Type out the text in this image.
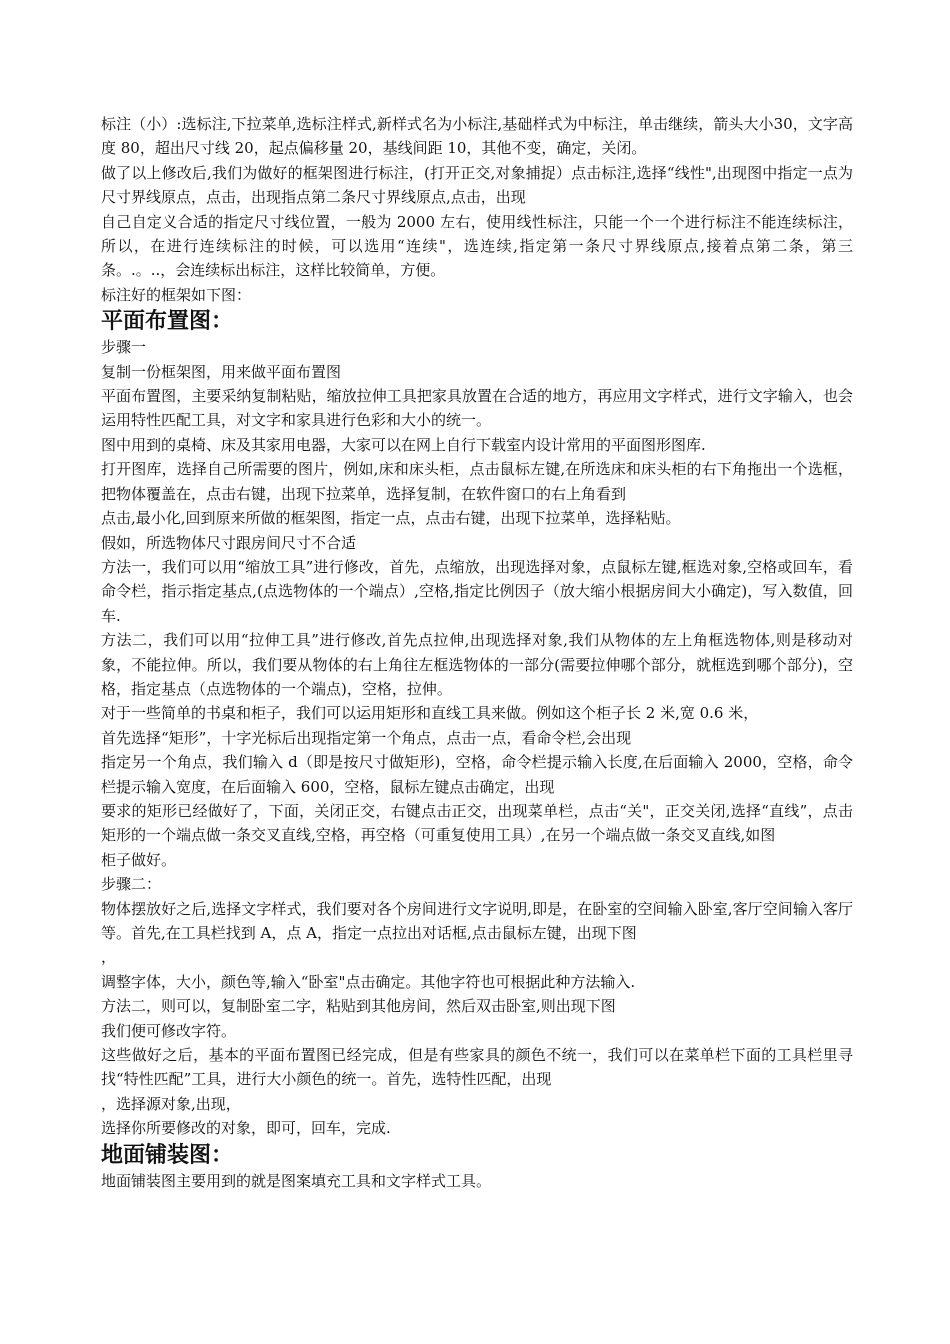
标注（小）:选标注,下拉菜单,选标注样式,新样式名为小标注,基础样式为中标注，单击继续，箭头大小30，文字高度 80，超出尺寸线 20，起点偏移量 20，基线间距 10，其他不变，确定，关闭。

做了以上修改后,我们为做好的框架图进行标注，(打开正交,对象捕捉）点击标注,选择“线性",出现图中指定一点为尺寸界线原点，点击，出现指点第二条尺寸界线原点,点击，出现

自己自定义合适的指定尺寸线位置，一般为 2000 左右，使用线性标注，只能一个一个进行标注不能连续标注，所以，在进行连续标注的时候，可以选用“连续"，选连续,指定第一条尺寸界线原点,接着点第二条，第三条。.。..，会连续标出标注，这样比较简单，方便。

标注好的框架如下图：

平面布置图：

步骤一

复制一份框架图，用来做平面布置图

平面布置图，主要采纳复制粘贴，缩放拉伸工具把家具放置在合适的地方，再应用文字样式，进行文字输入，也会运用特性匹配工具，对文字和家具进行色彩和大小的统一。

图中用到的桌椅、床及其家用电器，大家可以在网上自行下载室内设计常用的平面图形图库.

打开图库，选择自己所需要的图片，例如,床和床头柜，点击鼠标左键,在所选床和床头柜的右下角拖出一个选框，把物体覆盖在，点击右键，出现下拉菜单，选择复制，在软件窗口的右上角看到

点击,最小化,回到原来所做的框架图，指定一点，点击右键，出现下拉菜单，选择粘贴。

假如，所选物体尺寸跟房间尺寸不合适

方法一，我们可以用“缩放工具”进行修改，首先，点缩放，出现选择对象，点鼠标左键,框选对象,空格或回车，看命令栏，指示指定基点,(点选物体的一个端点）,空格,指定比例因子（放大缩小根据房间大小确定)，写入数值，回车.

方法二，我们可以用“拉伸工具”进行修改,首先点拉伸,出现选择对象,我们从物体的左上角框选物体,则是移动对象，不能拉伸。所以，我们要从物体的右上角往左框选物体的一部分(需要拉伸哪个部分，就框选到哪个部分)，空格，指定基点（点选物体的一个端点)，空格，拉伸。

对于一些简单的书桌和柜子，我们可以运用矩形和直线工具来做。例如这个柜子长 2 米,宽 0.6 米，

首先选择“矩形”，十字光标后出现指定第一个角点，点击一点，看命令栏,会出现

指定另一个角点，我们输入 d（即是按尺寸做矩形)，空格，命令栏提示输入长度,在后面输入 2000，空格，命令栏提示输入宽度，在后面输入 600，空格，鼠标左键点击确定，出现

要求的矩形已经做好了，下面，关闭正交，右键点击正交，出现菜单栏，点击“关"，正交关闭,选择“直线”，点击矩形的一个端点做一条交叉直线,空格，再空格（可重复使用工具）,在另一个端点做一条交叉直线,如图

柜子做好。

步骤二：

物体摆放好之后,选择文字样式，我们要对各个房间进行文字说明,即是，在卧室的空间输入卧室,客厅空间输入客厅等。首先,在工具栏找到 A，点 A，指定一点拉出对话框,点击鼠标左键，出现下图

，

调整字体，大小，颜色等,输入“卧室"点击确定。其他字符也可根据此种方法输入.

方法二，则可以，复制卧室二字，粘贴到其他房间，然后双击卧室,则出现下图

我们便可修改字符。

这些做好之后，基本的平面布置图已经完成，但是有些家具的颜色不统一，我们可以在菜单栏下面的工具栏里寻找“特性匹配”工具，进行大小颜色的统一。首先，选特性匹配，出现

，选择源对象,出现，

选择你所要修改的对象，即可，回车，完成.

地面铺装图：

地面铺装图主要用到的就是图案填充工具和文字样式工具。
